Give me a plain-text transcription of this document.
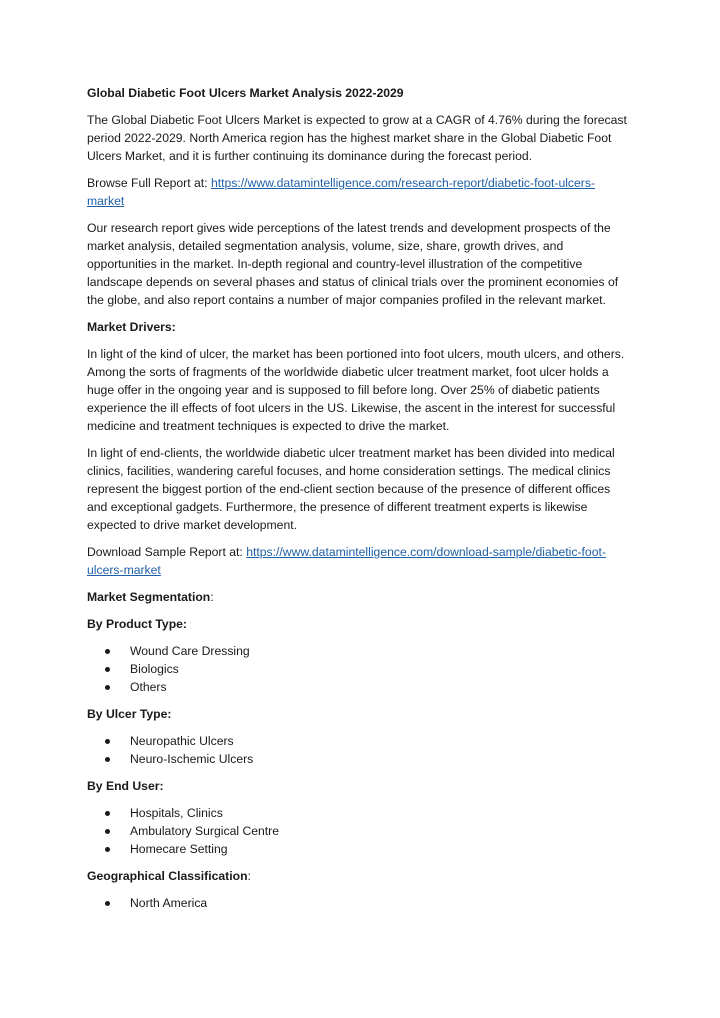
Global Diabetic Foot Ulcers Market Analysis 2022-2029

The Global Diabetic Foot Ulcers Market is expected to grow at a CAGR of 4.76% during the forecast period 2022-2029. North America region has the highest market share in the Global Diabetic Foot Ulcers Market, and it is further continuing its dominance during the forecast period.

Browse Full Report at: https://www.datamintelligence.com/research-report/diabetic-foot-ulcers-market

Our research report gives wide perceptions of the latest trends and development prospects of the market analysis, detailed segmentation analysis, volume, size, share, growth drives, and opportunities in the market. In-depth regional and country-level illustration of the competitive landscape depends on several phases and status of clinical trials over the prominent economies of the globe, and also report contains a number of major companies profiled in the relevant market.

Market Drivers:

In light of the kind of ulcer, the market has been portioned into foot ulcers, mouth ulcers, and others. Among the sorts of fragments of the worldwide diabetic ulcer treatment market, foot ulcer holds a huge offer in the ongoing year and is supposed to fill before long. Over 25% of diabetic patients experience the ill effects of foot ulcers in the US. Likewise, the ascent in the interest for successful medicine and treatment techniques is expected to drive the market.

In light of end-clients, the worldwide diabetic ulcer treatment market has been divided into medical clinics, facilities, wandering careful focuses, and home consideration settings. The medical clinics represent the biggest portion of the end-client section because of the presence of different offices and exceptional gadgets. Furthermore, the presence of different treatment experts is likewise expected to drive market development.

Download Sample Report at: https://www.datamintelligence.com/download-sample/diabetic-foot-ulcers-market

Market Segmentation:

By Product Type:

Wound Care Dressing
Biologics
Others

By Ulcer Type:

Neuropathic Ulcers
Neuro-Ischemic Ulcers

By End User:

Hospitals, Clinics
Ambulatory Surgical Centre
Homecare Setting

Geographical Classification:

North America
